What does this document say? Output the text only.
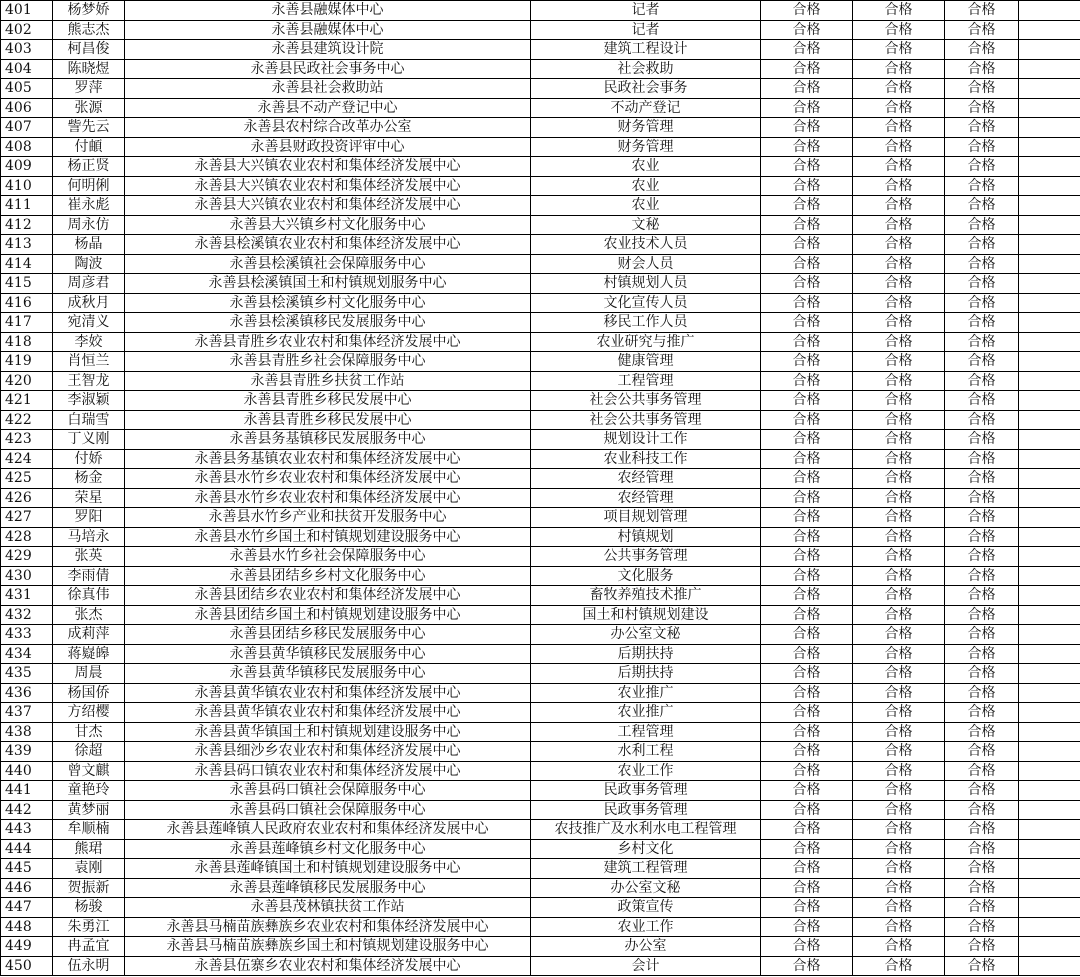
401	杨梦娇	永善县融媒体中心	记者	合格	合格	合格	
402	熊志杰	永善县融媒体中心	记者	合格	合格	合格	
403	柯昌俊	永善县建筑设计院	建筑工程设计	合格	合格	合格	
404	陈晓煜	永善县民政社会事务中心	社会救助	合格	合格	合格	
405	罗萍	永善县社会救助站	民政社会事务	合格	合格	合格	
406	张源	永善县不动产登记中心	不动产登记	合格	合格	合格	
407	訾先云	永善县农村综合改革办公室	财务管理	合格	合格	合格	
408	付頔	永善县财政投资评审中心	财务管理	合格	合格	合格	
409	杨正贤	永善县大兴镇农业农村和集体经济发展中心	农业	合格	合格	合格	
410	何明俐	永善县大兴镇农业农村和集体经济发展中心	农业	合格	合格	合格	
411	崔永彪	永善县大兴镇农业农村和集体经济发展中心	农业	合格	合格	合格	
412	周永仿	永善县大兴镇乡村文化服务中心	文秘	合格	合格	合格	
413	杨晶	永善县桧溪镇农业农村和集体经济发展中心	农业技术人员	合格	合格	合格	
414	陶波	永善县桧溪镇社会保障服务中心	财会人员	合格	合格	合格	
415	周彦君	永善县桧溪镇国土和村镇规划服务中心	村镇规划人员	合格	合格	合格	
416	成秋月	永善县桧溪镇乡村文化服务中心	文化宣传人员	合格	合格	合格	
417	宛清义	永善县桧溪镇移民发展服务中心	移民工作人员	合格	合格	合格	
418	李姣	永善县青胜乡农业农村和集体经济发展中心	农业研究与推广	合格	合格	合格	
419	肖恒兰	永善县青胜乡社会保障服务中心	健康管理	合格	合格	合格	
420	王智龙	永善县青胜乡扶贫工作站	工程管理	合格	合格	合格	
421	李淑颖	永善县青胜乡移民发展中心	社会公共事务管理	合格	合格	合格	
422	白瑞雪	永善县青胜乡移民发展中心	社会公共事务管理	合格	合格	合格	
423	丁义刚	永善县务基镇移民发展服务中心	规划设计工作	合格	合格	合格	
424	付娇	永善县务基镇农业农村和集体经济发展中心	农业科技工作	合格	合格	合格	
425	杨金	永善县水竹乡农业农村和集体经济发展中心	农经管理	合格	合格	合格	
426	荣星	永善县水竹乡农业农村和集体经济发展中心	农经管理	合格	合格	合格	
427	罗阳	永善县水竹乡产业和扶贫开发服务中心	项目规划管理	合格	合格	合格	
428	马培永	永善县水竹乡国土和村镇规划建设服务中心	村镇规划	合格	合格	合格	
429	张英	永善县水竹乡社会保障服务中心	公共事务管理	合格	合格	合格	
430	李雨倩	永善县团结乡乡村文化服务中心	文化服务	合格	合格	合格	
431	徐真伟	永善县团结乡农业农村和集体经济发展中心	畜牧养殖技术推广	合格	合格	合格	
432	张杰	永善县团结乡国土和村镇规划建设服务中心	国土和村镇规划建设	合格	合格	合格	
433	成莉萍	永善县团结乡移民发展服务中心	办公室文秘	合格	合格	合格	
434	蒋嶷皞	永善县黄华镇移民发展服务中心	后期扶持	合格	合格	合格	
435	周晨	永善县黄华镇移民发展服务中心	后期扶持	合格	合格	合格	
436	杨国侨	永善县黄华镇农业农村和集体经济发展中心	农业推广	合格	合格	合格	
437	方绍樱	永善县黄华镇农业农村和集体经济发展中心	农业推广	合格	合格	合格	
438	甘杰	永善县黄华镇国土和村镇规划建设服务中心	工程管理	合格	合格	合格	
439	徐超	永善县细沙乡农业农村和集体经济发展中心	水利工程	合格	合格	合格	
440	曾文麒	永善县码口镇农业农村和集体经济发展中心	农业工作	合格	合格	合格	
441	童艳玲	永善县码口镇社会保障服务中心	民政事务管理	合格	合格	合格	
442	黄梦丽	永善县码口镇社会保障服务中心	民政事务管理	合格	合格	合格	
443	牟顺楠	永善县莲峰镇人民政府农业农村和集体经济发展中心	农技推广及水利水电工程管理	合格	合格	合格	
444	熊珺	永善县莲峰镇乡村文化服务中心	乡村文化	合格	合格	合格	
445	袁刚	永善县莲峰镇国土和村镇规划建设服务中心	建筑工程管理	合格	合格	合格	
446	贺振新	永善县莲峰镇移民发展服务中心	办公室文秘	合格	合格	合格	
447	杨骏	永善县茂林镇扶贫工作站	政策宣传	合格	合格	合格	
448	朱勇江	永善县马楠苗族彝族乡农业农村和集体经济发展中心	农业工作	合格	合格	合格	
449	冉孟宜	永善县马楠苗族彝族乡国土和村镇规划建设服务中心	办公室	合格	合格	合格	
450	伍永明	永善县伍寨乡农业农村和集体经济发展中心	会计	合格	合格	合格	
